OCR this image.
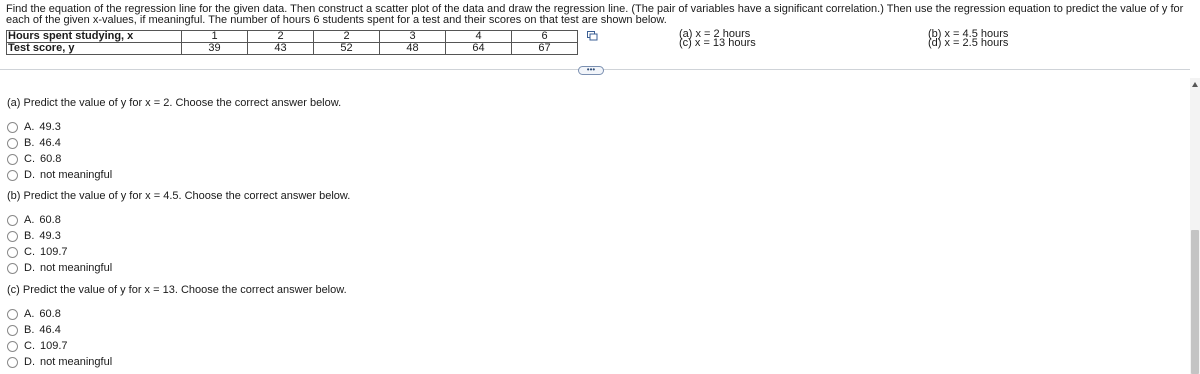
Find the equation of the regression line for the given data. Then construct a scatter plot of the data and draw the regression line. (The pair of variables have a significant correlation.) Then use the regression equation to predict the value of y for each of the given x-values, if meaningful. The number of hours 6 students spent for a test and their scores on that test are shown below.
Hours spent studying, x	1	2	2	3	4	6
Test score, y	39	43	52	48	64	67
(a) x = 2 hours
(c) x = 13 hours
(b) x = 4.5 hours
(d) x = 2.5 hours
•••
(a) Predict the value of y for x = 2. Choose the correct answer below.
A. 49.3
B. 46.4
C. 60.8
D. not meaningful
(b) Predict the value of y for x = 4.5. Choose the correct answer below.
A. 60.8
B. 49.3
C. 109.7
D. not meaningful
(c) Predict the value of y for x = 13. Choose the correct answer below.
A. 60.8
B. 46.4
C. 109.7
D. not meaningful
